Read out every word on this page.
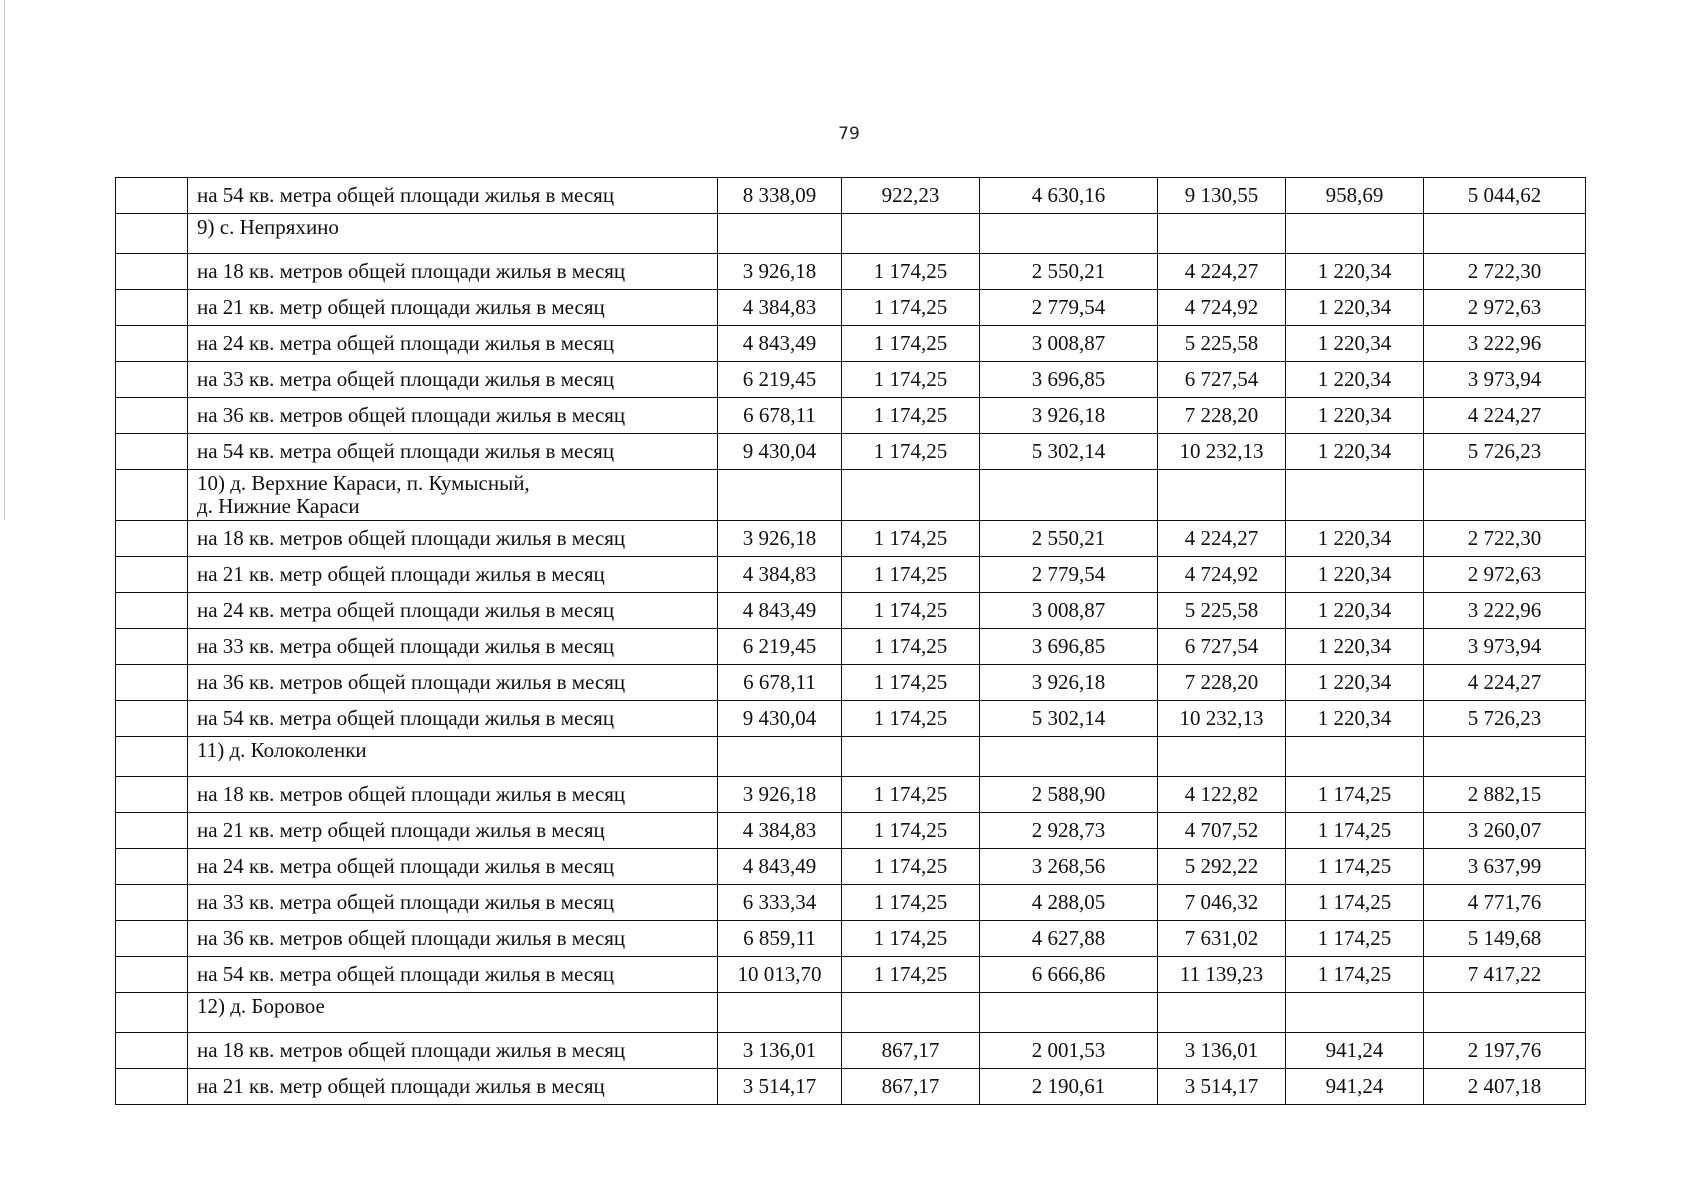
79
	на 54 кв. метра общей площади жилья в месяц	8 338,09	922,23	4 630,16	9 130,55	958,69	5 044,62

	9) с. Непряхино						

	на 18 кв. метров общей площади жилья в месяц	3 926,18	1 174,25	2 550,21	4 224,27	1 220,34	2 722,30
	на 21 кв. метр общей площади жилья в месяц	4 384,83	1 174,25	2 779,54	4 724,92	1 220,34	2 972,63
	на 24 кв. метра общей площади жилья в месяц	4 843,49	1 174,25	3 008,87	5 225,58	1 220,34	3 222,96
	на 33 кв. метра общей площади жилья в месяц	6 219,45	1 174,25	3 696,85	6 727,54	1 220,34	3 973,94
	на 36 кв. метров общей площади жилья в месяц	6 678,11	1 174,25	3 926,18	7 228,20	1 220,34	4 224,27
	на 54 кв. метра общей площади жилья в месяц	9 430,04	1 174,25	5 302,14	10 232,13	1 220,34	5 726,23

	10) д. Верхние Караси, п. Кумысный,
д. Нижние Караси						

	на 18 кв. метров общей площади жилья в месяц	3 926,18	1 174,25	2 550,21	4 224,27	1 220,34	2 722,30
	на 21 кв. метр общей площади жилья в месяц	4 384,83	1 174,25	2 779,54	4 724,92	1 220,34	2 972,63
	на 24 кв. метра общей площади жилья в месяц	4 843,49	1 174,25	3 008,87	5 225,58	1 220,34	3 222,96
	на 33 кв. метра общей площади жилья в месяц	6 219,45	1 174,25	3 696,85	6 727,54	1 220,34	3 973,94
	на 36 кв. метров общей площади жилья в месяц	6 678,11	1 174,25	3 926,18	7 228,20	1 220,34	4 224,27
	на 54 кв. метра общей площади жилья в месяц	9 430,04	1 174,25	5 302,14	10 232,13	1 220,34	5 726,23

	11) д. Колоколенки						

	на 18 кв. метров общей площади жилья в месяц	3 926,18	1 174,25	2 588,90	4 122,82	1 174,25	2 882,15
	на 21 кв. метр общей площади жилья в месяц	4 384,83	1 174,25	2 928,73	4 707,52	1 174,25	3 260,07
	на 24 кв. метра общей площади жилья в месяц	4 843,49	1 174,25	3 268,56	5 292,22	1 174,25	3 637,99
	на 33 кв. метра общей площади жилья в месяц	6 333,34	1 174,25	4 288,05	7 046,32	1 174,25	4 771,76
	на 36 кв. метров общей площади жилья в месяц	6 859,11	1 174,25	4 627,88	7 631,02	1 174,25	5 149,68
	на 54 кв. метра общей площади жилья в месяц	10 013,70	1 174,25	6 666,86	11 139,23	1 174,25	7 417,22

	12) д. Боровое						

	на 18 кв. метров общей площади жилья в месяц	3 136,01	867,17	2 001,53	3 136,01	941,24	2 197,76
	на 21 кв. метр общей площади жилья в месяц	3 514,17	867,17	2 190,61	3 514,17	941,24	2 407,18
